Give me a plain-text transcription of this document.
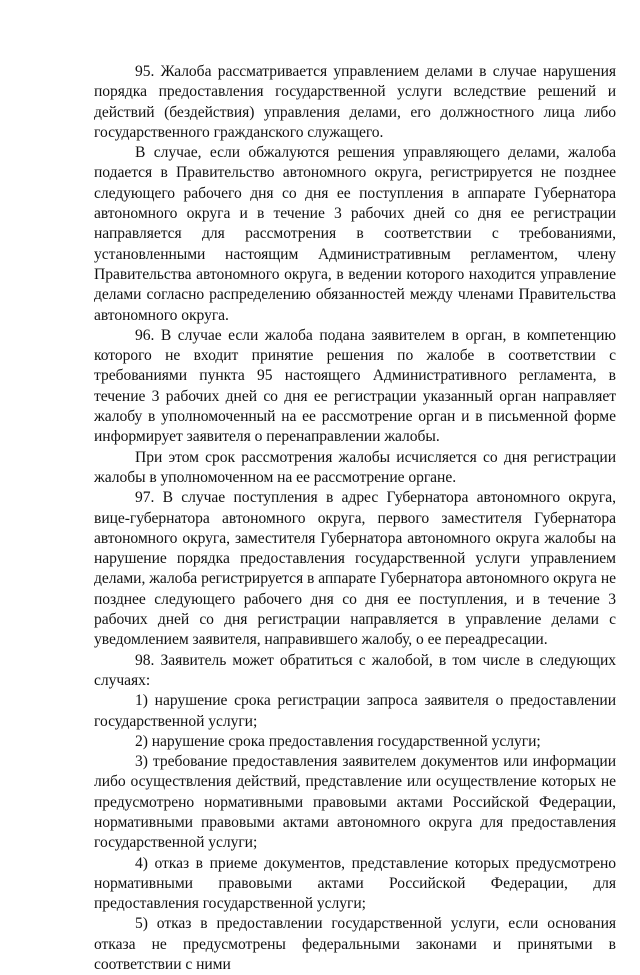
95. Жалоба рассматривается управлением делами в случае нарушения порядка предоставления государственной услуги вследствие решений и действий (бездействия) управления делами, его должностного лица либо государственного гражданского служащего.

В случае, если обжалуются решения управляющего делами, жалоба подается в Правительство автономного округа, регистрируется не позднее следующего рабочего дня со дня ее поступления в аппарате Губернатора автономного округа и в течение 3 рабочих дней со дня ее регистрации направляется для рассмотрения в соответствии с требованиями, установленными настоящим Административным регламентом, члену Правительства автономного округа, в ведении которого находится управление делами согласно распределению обязанностей между членами Правительства автономного округа.

96. В случае если жалоба подана заявителем в орган, в компетенцию которого не входит принятие решения по жалобе в соответствии с требованиями пункта 95 настоящего Административного регламента, в течение 3 рабочих дней со дня ее регистрации указанный орган направляет жалобу в уполномоченный на ее рассмотрение орган и в письменной форме информирует заявителя о перенаправлении жалобы.

При этом срок рассмотрения жалобы исчисляется со дня регистрации жалобы в уполномоченном на ее рассмотрение органе.

97. В случае поступления в адрес Губернатора автономного округа, вице-губернатора автономного округа, первого заместителя Губернатора автономного округа, заместителя Губернатора автономного округа жалобы на нарушение порядка предоставления государственной услуги управлением делами, жалоба регистрируется в аппарате Губернатора автономного округа не позднее следующего рабочего дня со дня ее поступления, и в течение 3 рабочих дней со дня регистрации направляется в управление делами с уведомлением заявителя, направившего жалобу, о ее переадресации.

98. Заявитель может обратиться с жалобой, в том числе в следующих случаях:

1) нарушение срока регистрации запроса заявителя о предоставлении государственной услуги;

2) нарушение срока предоставления государственной услуги;

3) требование предоставления заявителем документов или информации либо осуществления действий, представление или осуществление которых не предусмотрено нормативными правовыми актами Российской Федерации, нормативными правовыми актами автономного округа для предоставления государственной услуги;

4) отказ в приеме документов, представление которых предусмотрено нормативными правовыми актами Российской Федерации, для предоставления государственной услуги;

5) отказ в предоставлении государственной услуги, если основания отказа не предусмотрены федеральными законами и принятыми в соответствии с ними
